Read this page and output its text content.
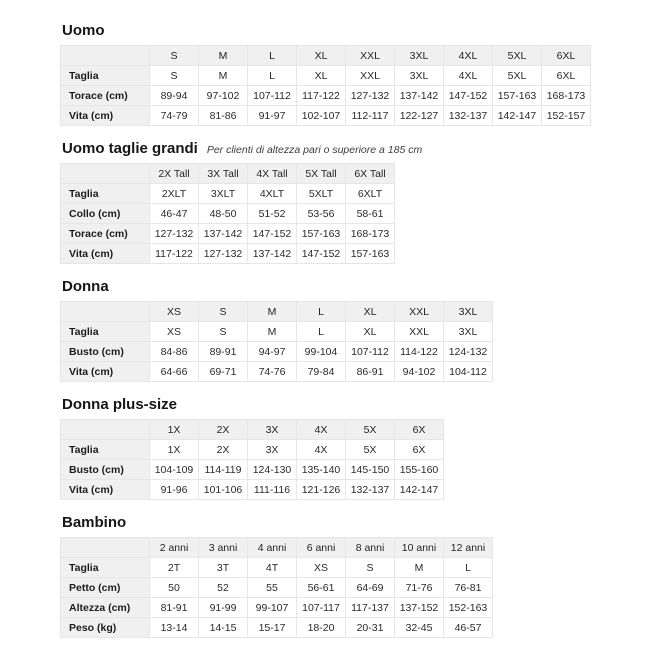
Uomo
	S	M	L	XL	XXL	3XL	4XL	5XL	6XL
Taglia	S	M	L	XL	XXL	3XL	4XL	5XL	6XL
Torace (cm)	89-94	97-102	107-112	117-122	127-132	137-142	147-152	157-163	168-173
Vita (cm)	74-79	81-86	91-97	102-107	112-117	122-127	132-137	142-147	152-157
Uomo taglie grandi Per clienti di altezza pari o superiore a 185 cm
	2X Tall	3X Tall	4X Tall	5X Tall	6X Tall
Taglia	2XLT	3XLT	4XLT	5XLT	6XLT
Collo (cm)	46-47	48-50	51-52	53-56	58-61
Torace (cm)	127-132	137-142	147-152	157-163	168-173
Vita (cm)	117-122	127-132	137-142	147-152	157-163
Donna
	XS	S	M	L	XL	XXL	3XL
Taglia	XS	S	M	L	XL	XXL	3XL
Busto (cm)	84-86	89-91	94-97	99-104	107-112	114-122	124-132
Vita (cm)	64-66	69-71	74-76	79-84	86-91	94-102	104-112
Donna plus-size
	1X	2X	3X	4X	5X	6X
Taglia	1X	2X	3X	4X	5X	6X
Busto (cm)	104-109	114-119	124-130	135-140	145-150	155-160
Vita (cm)	91-96	101-106	111-116	121-126	132-137	142-147
Bambino
	2 anni	3 anni	4 anni	6 anni	8 anni	10 anni	12 anni
Taglia	2T	3T	4T	XS	S	M	L
Petto (cm)	50	52	55	56-61	64-69	71-76	76-81
Altezza (cm)	81-91	91-99	99-107	107-117	117-137	137-152	152-163
Peso (kg)	13-14	14-15	15-17	18-20	20-31	32-45	46-57
